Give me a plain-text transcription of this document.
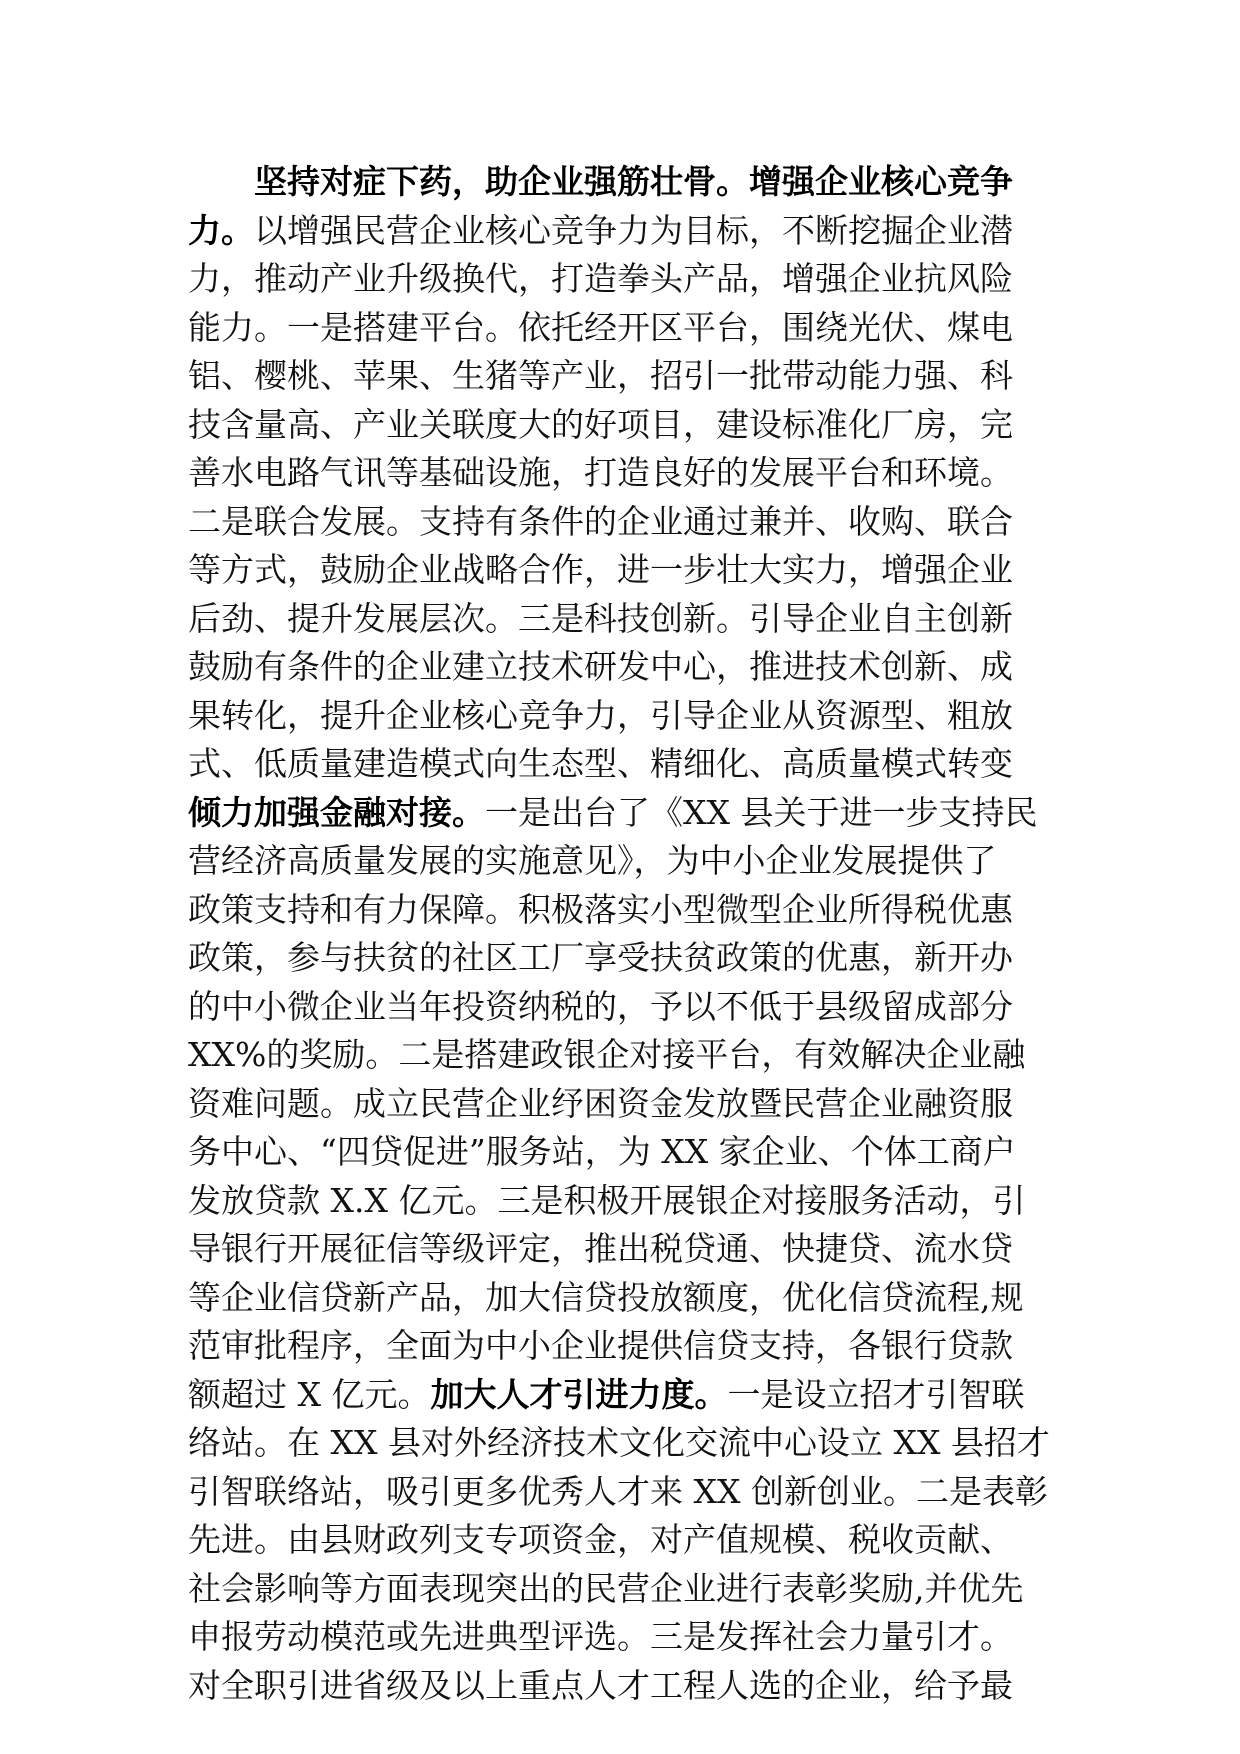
坚持对症下药，助企业强筋壮骨。增强企业核心竞争
力。以增强民营企业核心竞争力为目标，不断挖掘企业潜
力，推动产业升级换代，打造拳头产品，增强企业抗风险
能力。一是搭建平台。依托经开区平台，围绕光伏、煤电
铝、樱桃、苹果、生猪等产业，招引一批带动能力强、科
技含量高、产业关联度大的好项目，建设标准化厂房，完
善水电路气讯等基础设施，打造良好的发展平台和环境。
二是联合发展。支持有条件的企业通过兼并、收购、联合
等方式，鼓励企业战略合作，进一步壮大实力，增强企业
后劲、提升发展层次。三是科技创新。引导企业自主创新
鼓励有条件的企业建立技术研发中心，推进技术创新、成
果转化，提升企业核心竞争力，引导企业从资源型、粗放
式、低质量建造模式向生态型、精细化、高质量模式转变
倾力加强金融对接。一是出台了《XX 县关于进一步支持民
营经济高质量发展的实施意见》，为中小企业发展提供了
政策支持和有力保障。积极落实小型微型企业所得税优惠
政策，参与扶贫的社区工厂享受扶贫政策的优惠，新开办
的中小微企业当年投资纳税的，予以不低于县级留成部分
XX%的奖励。二是搭建政银企对接平台，有效解决企业融
资难问题。成立民营企业纾困资金发放暨民营企业融资服
务中心、“四贷促进”服务站，为 XX 家企业、个体工商户
发放贷款 X.X 亿元。三是积极开展银企对接服务活动，引
导银行开展征信等级评定，推出税贷通、快捷贷、流水贷
等企业信贷新产品，加大信贷投放额度，优化信贷流程,规
范审批程序，全面为中小企业提供信贷支持，各银行贷款
额超过 X 亿元。加大人才引进力度。一是设立招才引智联
络站。在 XX 县对外经济技术文化交流中心设立 XX 县招才
引智联络站，吸引更多优秀人才来 XX 创新创业。二是表彰
先进。由县财政列支专项资金，对产值规模、税收贡献、
社会影响等方面表现突出的民营企业进行表彰奖励,并优先
申报劳动模范或先进典型评选。三是发挥社会力量引才。
对全职引进省级及以上重点人才工程人选的企业，给予最
